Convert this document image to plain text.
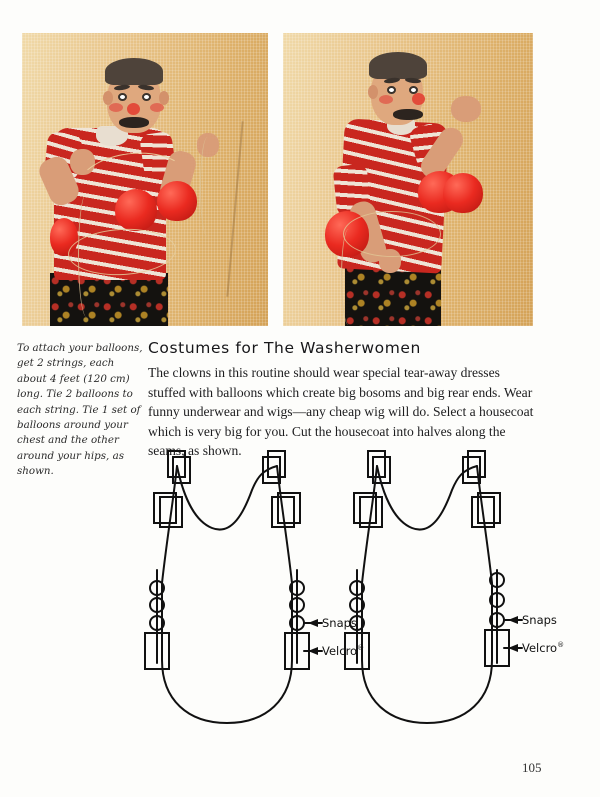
To attach your balloons, get 2 strings, each about 4 feet (120 cm) long. Tie 2 balloons to each string. Tie 1 set of balloons around your chest and the other around your hips, as shown.
Costumes for The Washerwomen
The clowns in this routine should wear special tear-away dresses stuffed with balloons which create big bosoms and big rear ends. Wear funny underwear and wigs—any cheap wig will do. Select a housecoat which is very big for you. Cut the housecoat into halves along the seams, as shown.
105
Snaps
Velcro®
Snaps
Velcro®
